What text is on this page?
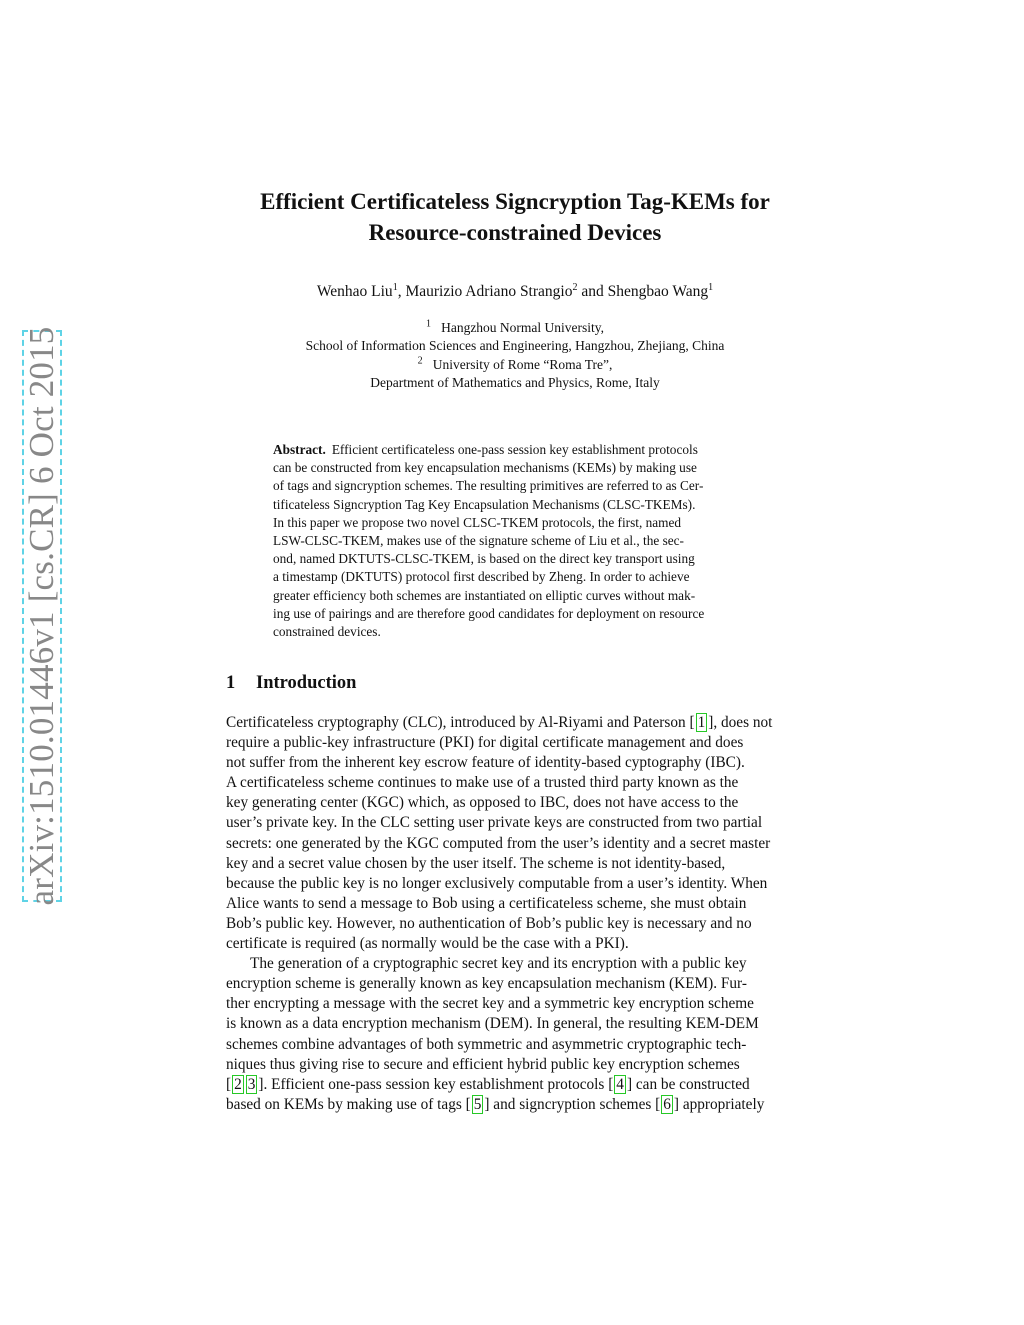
arXiv:1510.01446v1 [cs.CR] 6 Oct 2015
Efficient Certificateless Signcryption Tag-KEMs for
Resource-constrained Devices
Wenhao Liu$^1$, Maurizio Adriano Strangio$^2$ and Shengbao Wang$^1$
$^1$ Hangzhou Normal University,
School of Information Sciences and Engineering, Hangzhou, Zhejiang, China
$^2$ University of Rome “Roma Tre”,
Department of Mathematics and Physics, Rome, Italy
Abstract. Efficient certificateless one-pass session key establishment protocols
can be constructed from key encapsulation mechanisms (KEMs) by making use
of tags and signcryption schemes. The resulting primitives are referred to as Cer-
tificateless Signcryption Tag Key Encapsulation Mechanisms (CLSC-TKEMs).
In this paper we propose two novel CLSC-TKEM protocols, the first, named
LSW-CLSC-TKEM, makes use of the signature scheme of Liu et al., the sec-
ond, named DKTUTS-CLSC-TKEM, is based on the direct key transport using
a timestamp (DKTUTS) protocol first described by Zheng. In order to achieve
greater efficiency both schemes are instantiated on elliptic curves without mak-
ing use of pairings and are therefore good candidates for deployment on resource
constrained devices.
1 Introduction
Certificateless cryptography (CLC), introduced by Al-Riyami and Paterson [ 1 ], does not
require a public-key infrastructure (PKI) for digital certificate management and does
not suffer from the inherent key escrow feature of identity-based cyptography (IBC).
A certificateless scheme continues to make use of a trusted third party known as the
key generating center (KGC) which, as opposed to IBC, does not have access to the
user’s private key. In the CLC setting user private keys are constructed from two partial
secrets: one generated by the KGC computed from the user’s identity and a secret master
key and a secret value chosen by the user itself. The scheme is not identity-based,
because the public key is no longer exclusively computable from a user’s identity. When
Alice wants to send a message to Bob using a certificateless scheme, she must obtain
Bob’s public key. However, no authentication of Bob’s public key is necessary and no
certificate is required (as normally would be the case with a PKI).
The generation of a cryptographic secret key and its encryption with a public key
encryption scheme is generally known as key encapsulation mechanism (KEM). Fur-
ther encrypting a message with the secret key and a symmetric key encryption scheme
is known as a data encryption mechanism (DEM). In general, the resulting KEM-DEM
schemes combine advantages of both symmetric and asymmetric cryptographic tech-
niques thus giving rise to secure and efficient hybrid public key encryption schemes
[ 2 3 ]. Efficient one-pass session key establishment protocols [ 4 ] can be constructed
based on KEMs by making use of tags [ 5 ] and signcryption schemes [ 6 ] appropriately
